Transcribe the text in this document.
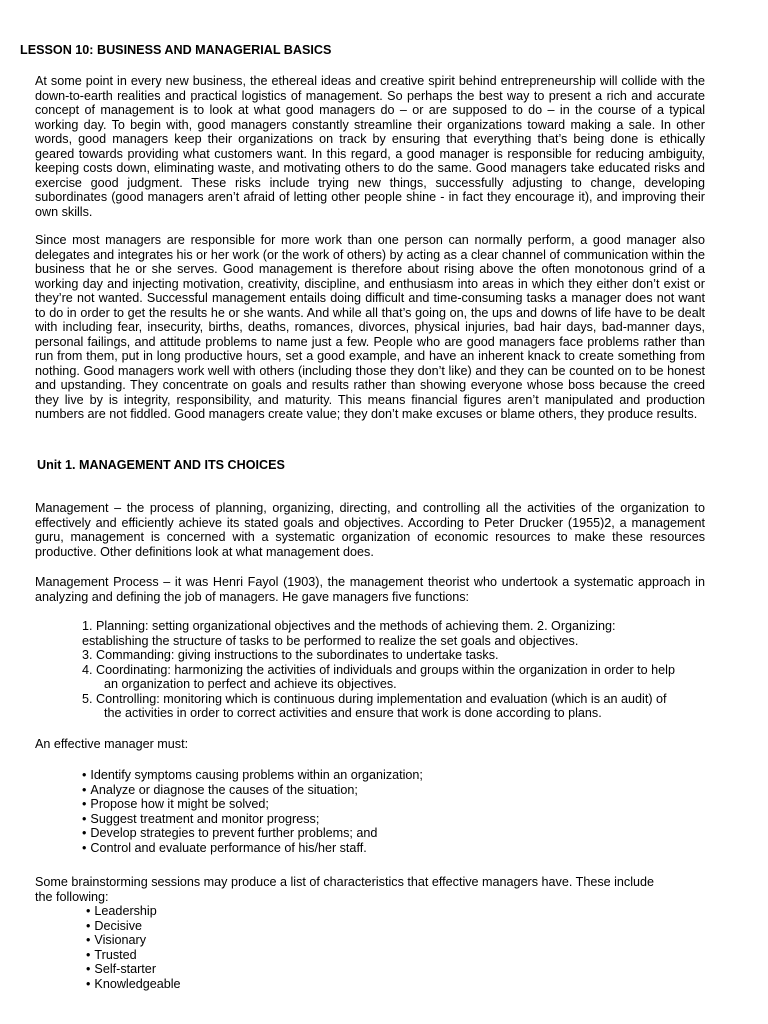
LESSON 10: BUSINESS AND MANAGERIAL BASICS

At some point in every new business, the ethereal ideas and creative spirit behind entrepreneurship will collide with the down-to-earth realities and practical logistics of management. So perhaps the best way to present a rich and accurate concept of management is to look at what good managers do – or are supposed to do – in the course of a typical working day. To begin with, good managers constantly streamline their organizations toward making a sale. In other words, good managers keep their organizations on track by ensuring that everything that’s being done is ethically geared towards providing what customers want. In this regard, a good manager is responsible for reducing ambiguity, keeping costs down, eliminating waste, and motivating others to do the same. Good managers take educated risks and exercise good judgment. These risks include trying new things, successfully adjusting to change, developing subordinates (good managers aren’t afraid of letting other people shine - in fact they encourage it), and improving their own skills.

Since most managers are responsible for more work than one person can normally perform, a good manager also delegates and integrates his or her work (or the work of others) by acting as a clear channel of communication within the business that he or she serves. Good management is therefore about rising above the often monotonous grind of a working day and injecting motivation, creativity, discipline, and enthusiasm into areas in which they either don’t exist or they’re not wanted. Successful management entails doing difficult and time-consuming tasks a manager does not want to do in order to get the results he or she wants. And while all that’s going on, the ups and downs of life have to be dealt with including fear, insecurity, births, deaths, romances, divorces, physical injuries, bad hair days, bad-manner days, personal failings, and attitude problems to name just a few. People who are good managers face problems rather than run from them, put in long productive hours, set a good example, and have an inherent knack to create something from nothing. Good managers work well with others (including those they don’t like) and they can be counted on to be honest and upstanding. They concentrate on goals and results rather than showing everyone whose boss because the creed they live by is integrity, responsibility, and maturity. This means financial figures aren’t manipulated and production numbers are not fiddled. Good managers create value; they don’t make excuses or blame others, they produce results.

Unit 1. MANAGEMENT AND ITS CHOICES

Management – the process of planning, organizing, directing, and controlling all the activities of the organization to effectively and efficiently achieve its stated goals and objectives. According to Peter Drucker (1955)2, a management guru, management is concerned with a systematic organization of economic resources to make these resources productive. Other definitions look at what management does.

Management Process – it was Henri Fayol (1903), the management theorist who undertook a systematic approach in analyzing and defining the job of managers. He gave managers five functions:

1. Planning: setting organizational objectives and the methods of achieving them. 2. Organizing:
establishing the structure of tasks to be performed to realize the set goals and objectives.
3. Commanding: giving instructions to the subordinates to undertake tasks.
4. Coordinating: harmonizing the activities of individuals and groups within the organization in order to help
an organization to perfect and achieve its objectives.
5. Controlling: monitoring which is continuous during implementation and evaluation (which is an audit) of
the activities in order to correct activities and ensure that work is done according to plans.

An effective manager must:

• Identify symptoms causing problems within an organization;
• Analyze or diagnose the causes of the situation;
• Propose how it might be solved;
• Suggest treatment and monitor progress;
• Develop strategies to prevent further problems; and
• Control and evaluate performance of his/her staff.

Some brainstorming sessions may produce a list of characteristics that effective managers have. These include
the following:

• Leadership
• Decisive
• Visionary
• Trusted
• Self-starter
• Knowledgeable
